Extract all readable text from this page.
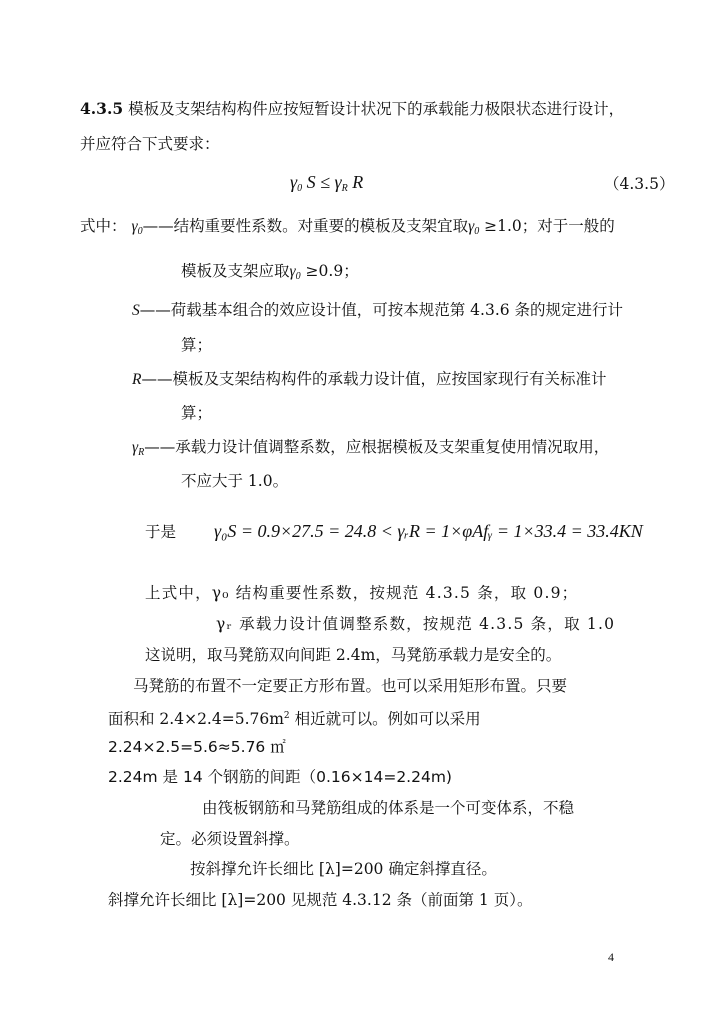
4.3.5 模板及支架结构构件应按短暂设计状况下的承载能力极限状态进行设计，
并应符合下式要求：
$\gamma_0$ $S \le \gamma_R$ R	（4.3.5）
式中： $\gamma_0——$结构重要性系数。对重要的模板及支架宜取$\gamma_0 \ge 1.0$；对于一般的
模板及支架应取$\gamma_0 \ge 0.9$；
S——荷载基本组合的效应设计值，可按本规范第 4.3.6 条的规定进行计
算；
R——模板及支架结构构件的承载力设计值，应按国家现行有关标准计
算；
$\gamma_R——$承载力设计值调整系数，应根据模板及支架重复使用情况取用，
不应大于 1.0。
于是 γ₀S = 0.9×27.5 = 24.8 < γᵣR = 1×φAfᵧ = 1×33.4 = 33.4KN
上式中，γ₀ 结构重要性系数，按规范 4.3.5 条，取 0.9；
γᵣ 承载力设计值调整系数，按规范 4.3.5 条，取 1.0
这说明，取马凳筋双向间距 2.4m，马凳筋承载力是安全的。
马凳筋的布置不一定要正方形布置。也可以采用矩形布置。只要
面积和 $2.4\times 2.4=5.76m^2$ 相近就可以。例如可以采用
2.24×2.5=5.6≈5.76 ㎡
2.24m 是 14 个钢筋的间距（0.16×14=2.24m)
由筏板钢筋和马凳筋组成的体系是一个可变体系，不稳
定。必须设置斜撑。
按斜撑允许长细比 [λ]=200 确定斜撑直径。
斜撑允许长细比 [λ]=200 见规范 4.3.12 条（前面第 1 页）。
4
